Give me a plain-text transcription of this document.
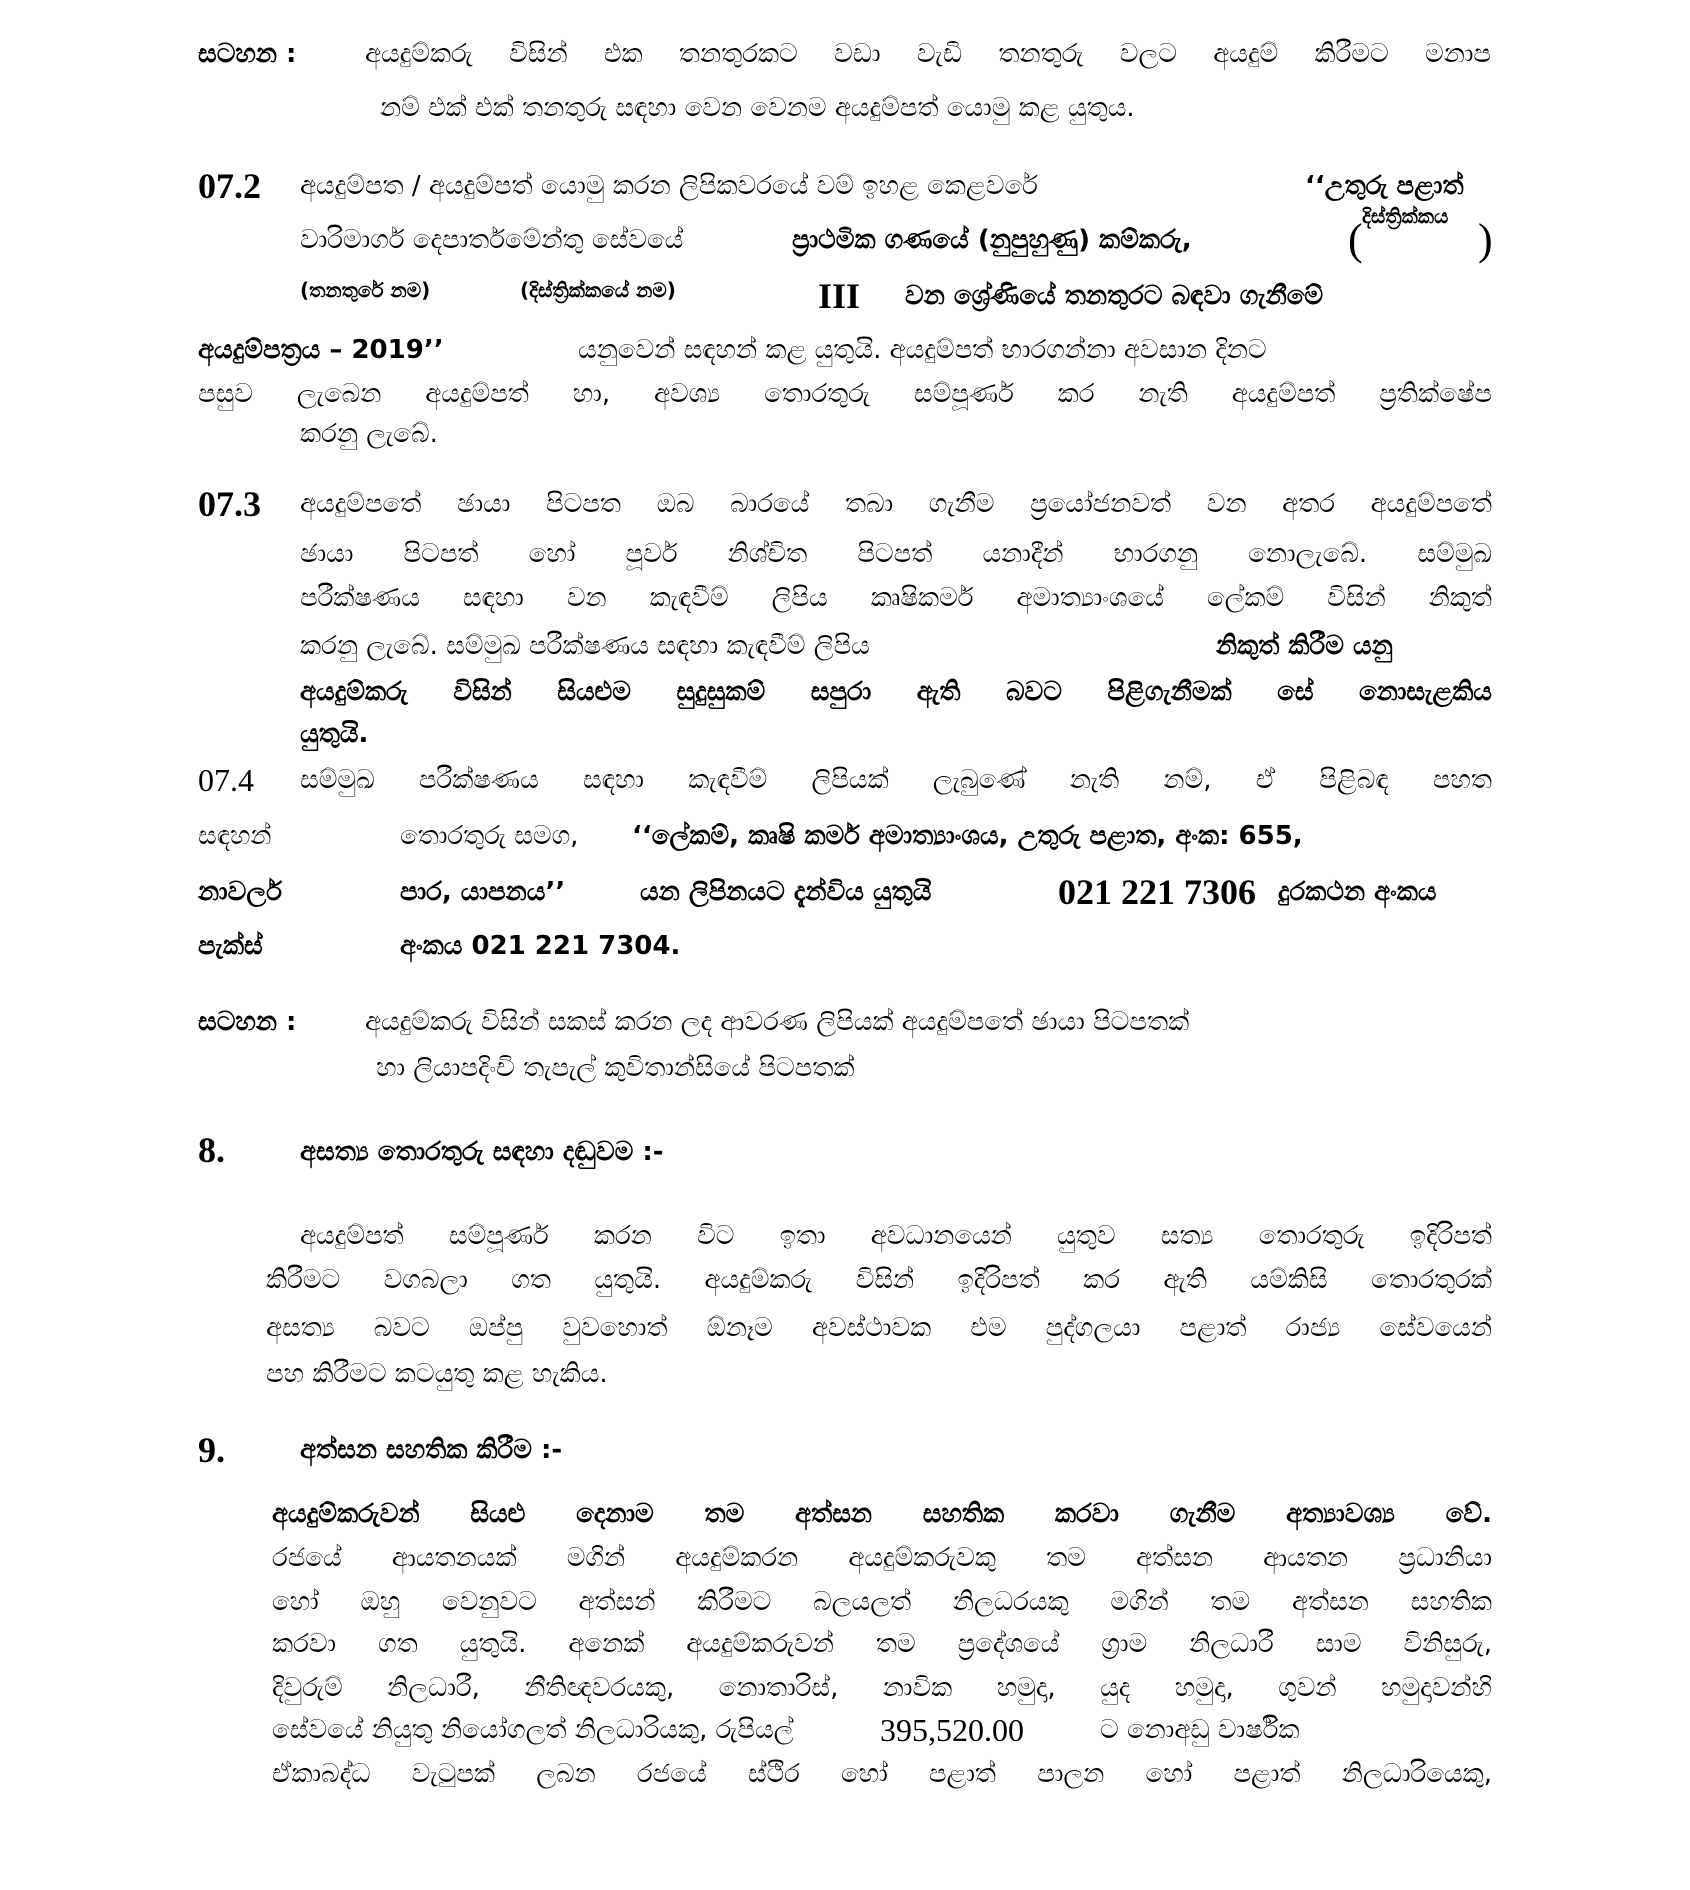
සටහන :	අයදුම්කරු විසින් එක තනතුරකට වඩා වැඩි තනතුරු වලට අයදුම් කිරීමට මනාප
නම් එක් එක් තනතුරු සඳහා වෙන වෙනම අයදුම්පත් යොමු කළ යුතුය.
07.2 අයදුම්පත / අයදුම්පත් යොමු කරන ලිපිකවරයේ වම් ඉහළ කෙළවරේ	‘‘උතුරු පළාත්
වාරිමාර්ග දෙපාර්තමේන්තු සේවයේ	ප්‍රාථමික ගණයේ (නුපුහුණු) කම්කරු,	( දිස්ත්‍රික්කය )
(තනතුරේ නම)	(දිස්ත්‍රික්කයේ නම)	III වන ශ්‍රේණියේ තනතුරට බඳවා ගැනීමේ
අයදුම්පත්‍රය – 2019’’	යනුවෙන් සඳහන් කළ යුතුයි. අයදුම්පත් භාරගන්නා අවසාන දිනට
පසුව ලැබෙන අයදුම්පත් හා, අවශ්‍ය තොරතුරු සම්පූර්ණ කර නැති අයදුම්පත් ප්‍රතික්ෂේප
කරනු ලැබේ.
07.3 අයදුම්පතේ ඡායා පිටපත ඔබ බාරයේ තබා ගැනීම ප්‍රයෝජනවත් වන අතර අයදුම්පතේ
ඡායා පිටපත් හෝ පූර්ව නිශ්චිත පිටපත් යනාදීන් භාරගනු නොලැබේ. සම්මුඛ
පරීක්ෂණය සඳහා වන කැඳවීම් ලිපිය කෘෂිකර්ම අමාත්‍යාංශයේ ලේකම් විසින් නිකුත්
කරනු ලැබේ. සම්මුඛ පරීක්ෂණය සඳහා කැඳවීම් ලිපිය	නිකුත් කිරීම යනු
අයදුම්කරු විසින් සියළුම සුදුසුකම් සපුරා ඇති බවට පිළිගැනීමක් සේ නොසැළකිය
යුතුයි.
07.4 සම්මුඛ පරීක්ෂණය සඳහා කැඳවීම් ලිපියක් ලැබුණේ නැති නම්, ඒ පිළිබඳ පහත
සඳහන්	තොරතුරු සමග, ‘‘ලේකම්, කෘෂි කර්ම අමාත්‍යාංශය, උතුරු පළාත, අංක: 655,
නාවලර්	පාර, යාපනය’’	යන ලිපිනයට දැන්විය යුතුයි	021 221 7306 දුරකථන අංකය
පැක්ස්	අංකය 021 221 7304.
සටහන :	අයදුම්කරු විසින් සකස් කරන ලද ආවරණ ලිපියක් අයදුම්පතේ ඡායා පිටපතක්
හා ලියාපදිංචි තැපැල් කුවිතාන්සියේ පිටපතක්
8.	අසත්‍ය තොරතුරු සඳහා දඬුවම :-
අයදුම්පත් සම්පූර්ණ කරන විට ඉතා අවධානයෙන් යුතුව සත්‍ය තොරතුරු ඉදිරිපත්
කිරීමට වගබලා ගත යුතුයි. අයදුම්කරු විසින් ඉදිරිපත් කර ඇති යම්කිසි තොරතුරක්
අසත්‍ය බවට ඔප්පු වුවහොත් ඕනෑම අවස්ථාවක එම පුද්ගලයා පළාත් රාජ්‍ය සේවයෙන්
පහ කිරීමට කටයුතු කළ හැකිය.
9.	අත්සන සහතික කිරීම :-
අයදුම්කරුවන් සියළු දෙනාම තම අත්සන සහතික කරවා ගැනීම අත්‍යාවශ්‍ය වේ.
රජයේ ආයතනයක් මගින් අයදුම්කරන අයදුම්කරුවකු තම අත්සන ආයතන ප්‍රධානියා
හෝ ඔහු වෙනුවට අත්සන් කිරීමට බලයලත් නිලධරයකු මගින් තම අත්සන සහතික
කරවා ගත යුතුයි. අනෙක් අයදුම්කරුවන් තම ප්‍රදේශයේ ග්‍රාම නිලධාරී සාම විනිසුරු,
දිවුරුම් නිලධාරී, නීතිඥවරයකු, නොතාරිස්, නාවික හමුදා, යුද හමුදා, ගුවන් හමුදාවන්හි
සේවයේ නියුතු නියෝගලත් නිලධාරියකු, රුපියල්	395,520.00	ට නොඅඩු වාර්ෂික
ඒකාබද්ධ වැටුපක් ලබන රජයේ ස්ථිර හෝ පළාත් පාලන හෝ පළාත් නිලධාරියෙකු,
